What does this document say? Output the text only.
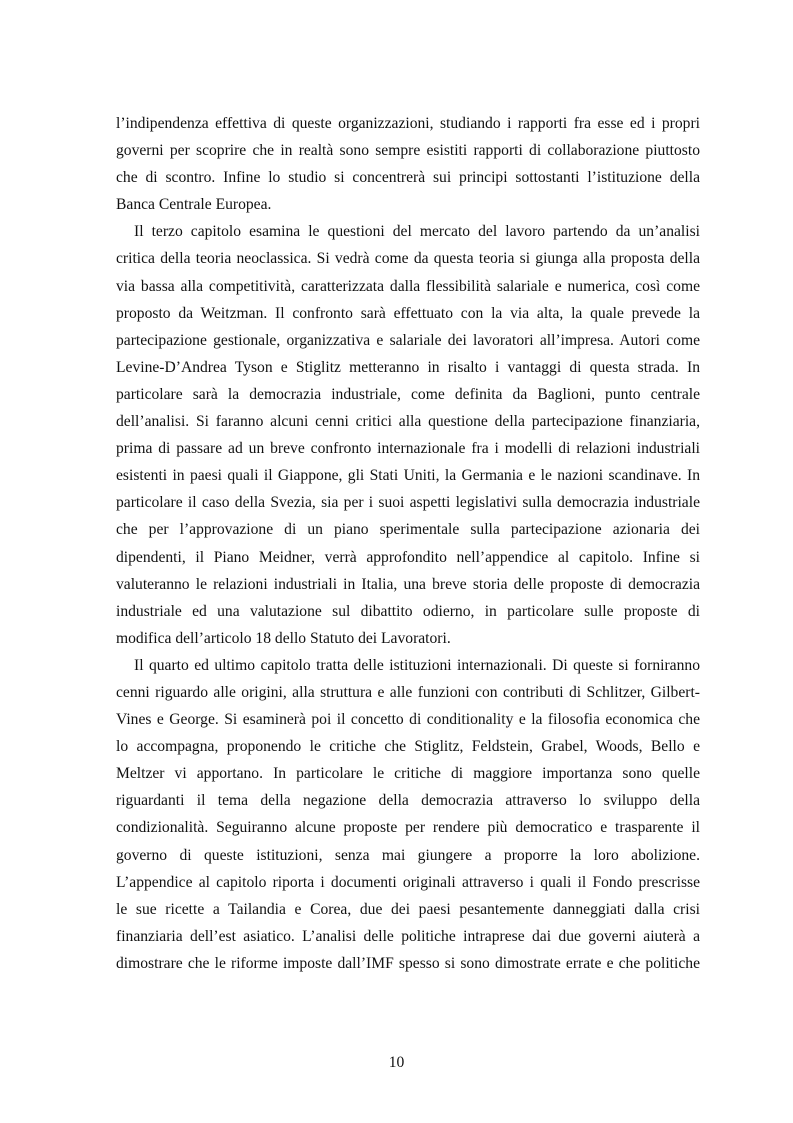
l’indipendenza effettiva di queste organizzazioni, studiando i rapporti fra esse ed i propri
governi per scoprire che in realtà sono sempre esistiti rapporti di collaborazione piuttosto
che di scontro. Infine lo studio si concentrerà sui principi sottostanti l’istituzione della
Banca Centrale Europea.
Il terzo capitolo esamina le questioni del mercato del lavoro partendo da un’analisi
critica della teoria neoclassica. Si vedrà come da questa teoria si giunga alla proposta della
via bassa alla competitività, caratterizzata dalla flessibilità salariale e numerica, così come
proposto da Weitzman. Il confronto sarà effettuato con la via alta, la quale prevede la
partecipazione gestionale, organizzativa e salariale dei lavoratori all’impresa. Autori come
Levine-D’Andrea Tyson e Stiglitz metteranno in risalto i vantaggi di questa strada. In
particolare sarà la democrazia industriale, come definita da Baglioni, punto centrale
dell’analisi. Si faranno alcuni cenni critici alla questione della partecipazione finanziaria,
prima di passare ad un breve confronto internazionale fra i modelli di relazioni industriali
esistenti in paesi quali il Giappone, gli Stati Uniti, la Germania e le nazioni scandinave. In
particolare il caso della Svezia, sia per i suoi aspetti legislativi sulla democrazia industriale
che per l’approvazione di un piano sperimentale sulla partecipazione azionaria dei
dipendenti, il Piano Meidner, verrà approfondito nell’appendice al capitolo. Infine si
valuteranno le relazioni industriali in Italia, una breve storia delle proposte di democrazia
industriale ed una valutazione sul dibattito odierno, in particolare sulle proposte di
modifica dell’articolo 18 dello Statuto dei Lavoratori.
Il quarto ed ultimo capitolo tratta delle istituzioni internazionali. Di queste si forniranno
cenni riguardo alle origini, alla struttura e alle funzioni con contributi di Schlitzer, Gilbert-
Vines e George. Si esaminerà poi il concetto di conditionality e la filosofia economica che
lo accompagna, proponendo le critiche che Stiglitz, Feldstein, Grabel, Woods, Bello e
Meltzer vi apportano. In particolare le critiche di maggiore importanza sono quelle
riguardanti il tema della negazione della democrazia attraverso lo sviluppo della
condizionalità. Seguiranno alcune proposte per rendere più democratico e trasparente il
governo di queste istituzioni, senza mai giungere a proporre la loro abolizione.
L’appendice al capitolo riporta i documenti originali attraverso i quali il Fondo prescrisse
le sue ricette a Tailandia e Corea, due dei paesi pesantemente danneggiati dalla crisi
finanziaria dell’est asiatico. L’analisi delle politiche intraprese dai due governi aiuterà a
dimostrare che le riforme imposte dall’IMF spesso si sono dimostrate errate e che politiche
10
